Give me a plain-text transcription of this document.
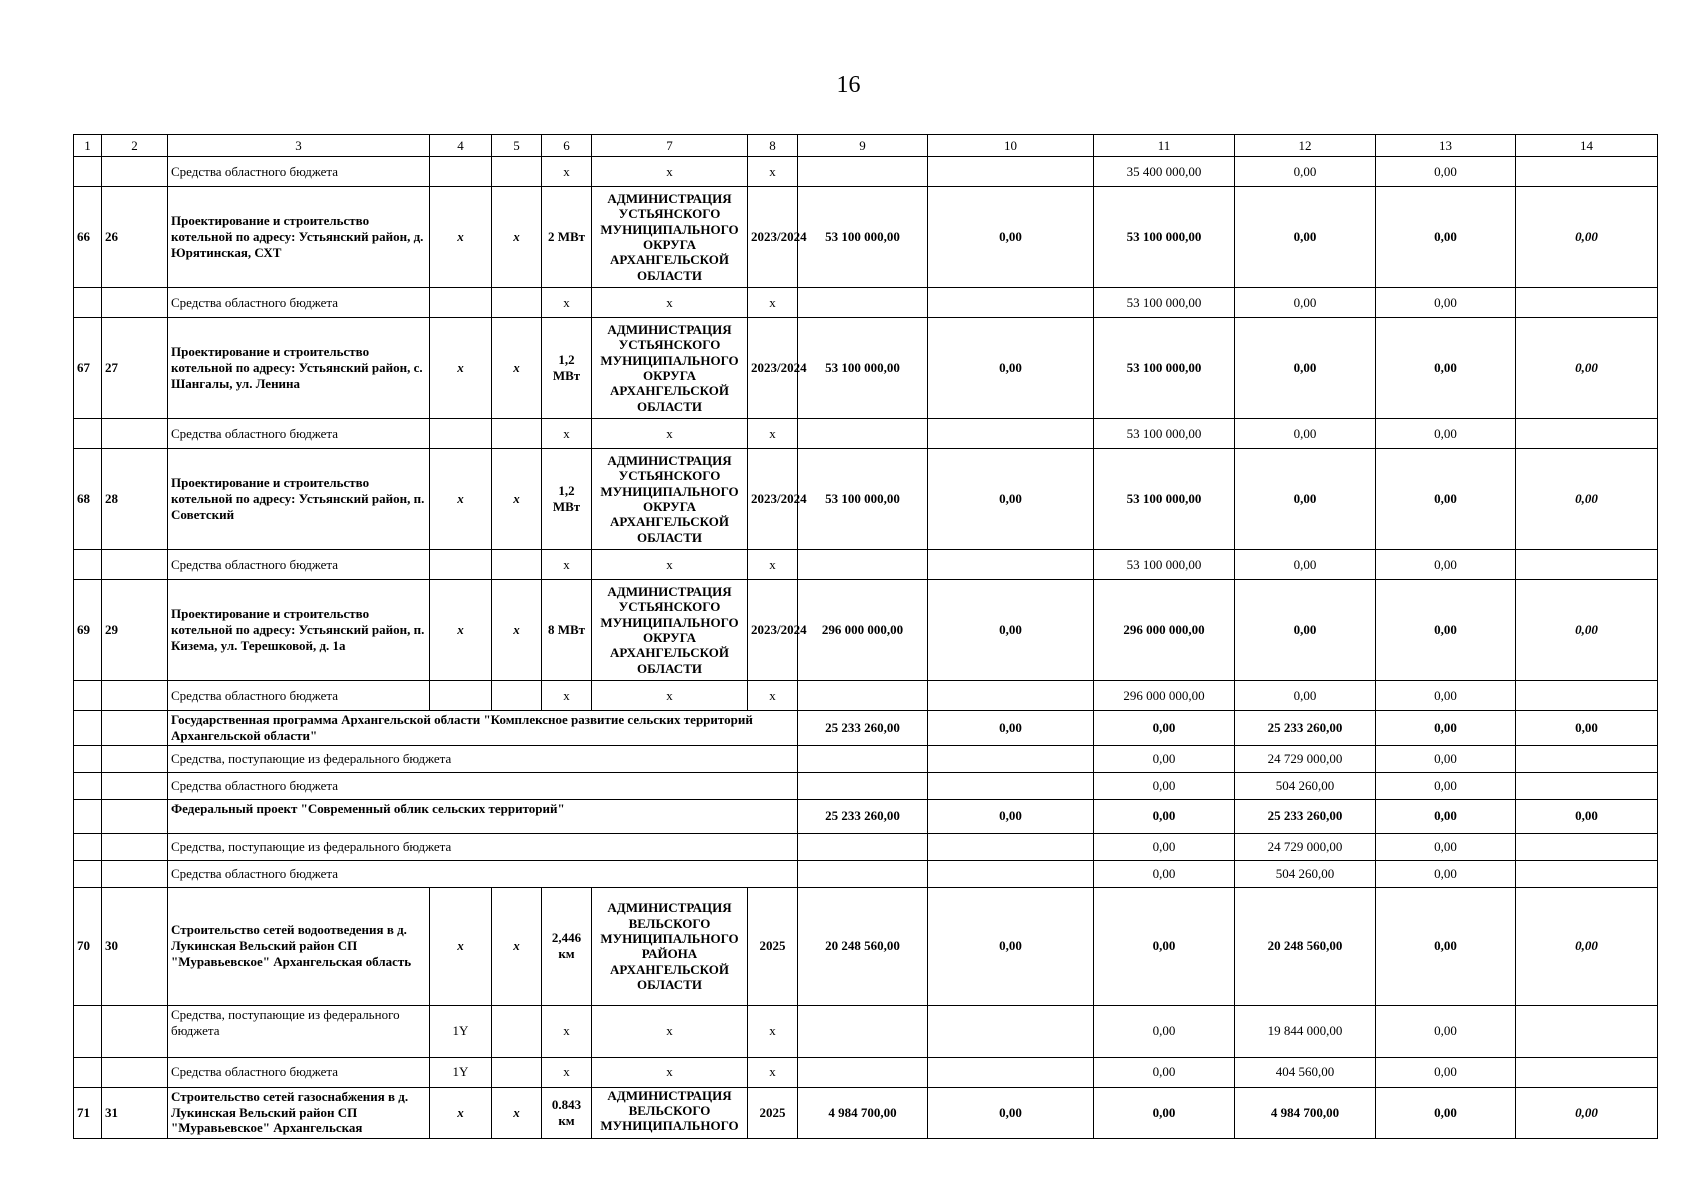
16
1	2	3	4	5	6	7	8	9	10	11	12	13	14
		Средства областного бюджета			x	x	x			35 400 000,00	0,00	0,00	
66	26	Проектирование и строительство котельной по адресу: Устьянский район, д. Юрятинская, СХТ	х	х	2 МВт	АДМИНИСТРАЦИЯ УСТЬЯНСКОГО МУНИЦИПАЛЬНОГО ОКРУГА АРХАНГЕЛЬСКОЙ ОБЛАСТИ	2023/2024	53 100 000,00	0,00	53 100 000,00	0,00	0,00	0,00
		Средства областного бюджета			x	x	x			53 100 000,00	0,00	0,00	
67	27	Проектирование и строительство котельной по адресу: Устьянский район, с. Шангалы, ул. Ленина	х	х	1,2 МВт	АДМИНИСТРАЦИЯ УСТЬЯНСКОГО МУНИЦИПАЛЬНОГО ОКРУГА АРХАНГЕЛЬСКОЙ ОБЛАСТИ	2023/2024	53 100 000,00	0,00	53 100 000,00	0,00	0,00	0,00
		Средства областного бюджета			x	x	x			53 100 000,00	0,00	0,00	
68	28	Проектирование и строительство котельной по адресу: Устьянский район, п. Советский	х	х	1,2 МВт	АДМИНИСТРАЦИЯ УСТЬЯНСКОГО МУНИЦИПАЛЬНОГО ОКРУГА АРХАНГЕЛЬСКОЙ ОБЛАСТИ	2023/2024	53 100 000,00	0,00	53 100 000,00	0,00	0,00	0,00
		Средства областного бюджета			x	x	x			53 100 000,00	0,00	0,00	
69	29	Проектирование и строительство котельной по адресу: Устьянский район, п. Кизема, ул. Терешковой, д. 1а	х	х	8 МВт	АДМИНИСТРАЦИЯ УСТЬЯНСКОГО МУНИЦИПАЛЬНОГО ОКРУГА АРХАНГЕЛЬСКОЙ ОБЛАСТИ	2023/2024	296 000 000,00	0,00	296 000 000,00	0,00	0,00	0,00
		Средства областного бюджета			x	x	x			296 000 000,00	0,00	0,00	
		Государственная программа Архангельской области "Комплексное развитие сельских территорий Архангельской области"						25 233 260,00	0,00	0,00	25 233 260,00	0,00	0,00
		Средства, поступающие из федерального бюджета								0,00	24 729 000,00	0,00	
		Средства областного бюджета								0,00	504 260,00	0,00	
		Федеральный проект "Современный облик сельских территорий"						25 233 260,00	0,00	0,00	25 233 260,00	0,00	0,00
		Средства, поступающие из федерального бюджета								0,00	24 729 000,00	0,00	
		Средства областного бюджета								0,00	504 260,00	0,00	
70	30	Строительство сетей водоотведения в д. Лукинская Вельский район СП "Муравьевское" Архангельская область	х	х	2,446 км	АДМИНИСТРАЦИЯ ВЕЛЬСКОГО МУНИЦИПАЛЬНОГО РАЙОНА АРХАНГЕЛЬСКОЙ ОБЛАСТИ	2025	20 248 560,00	0,00	0,00	20 248 560,00	0,00	0,00
		Средства, поступающие из федерального бюджета	1Y		x	x	x			0,00	19 844 000,00	0,00	
		Средства областного бюджета	1Y		x	x	x			0,00	404 560,00	0,00	
71	31	Строительство сетей газоснабжения в д. Лукинская Вельский район СП "Муравьевское" Архангельская	х	х	0.843 км	АДМИНИСТРАЦИЯ ВЕЛЬСКОГО МУНИЦИПАЛЬНОГО	2025	4 984 700,00	0,00	0,00	4 984 700,00	0,00	0,00
